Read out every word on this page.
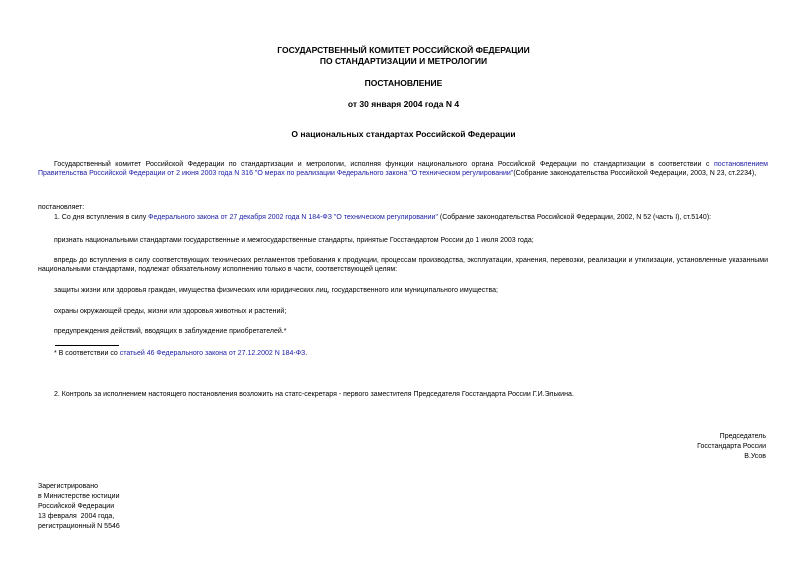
ГОСУДАРСТВЕННЫЙ КОМИТЕТ РОССИЙСКОЙ ФЕДЕРАЦИИ
ПО СТАНДАРТИЗАЦИИ И МЕТРОЛОГИИ
ПОСТАНОВЛЕНИЕ
от 30 января 2004 года N 4
О национальных стандартах Российской Федерации
Государственный комитет Российской Федерации по стандартизации и метрологии, исполняя функции национального органа Российской Федерации по стандартизации в соответствии с постановлением Правительства Российской Федерации от 2 июня 2003 года N 316 "О мерах по реализации Федерального закона "О техническом регулировании"(Собрание законодательства Российской Федерации, 2003, N 23, ст.2234),
постановляет:
1. Со дня вступления в силу Федерального закона от 27 декабря 2002 года N 184-ФЗ "О техническом регулировании" (Собрание законодательства Российской Федерации, 2002, N 52 (часть I), ст.5140):
признать национальными стандартами государственные и межгосударственные стандарты, принятые Госстандартом России до 1 июля 2003 года;
впредь до вступления в силу соответствующих технических регламентов требования к продукции, процессам производства, эксплуатации, хранения, перевозки, реализации и утилизации, установленные указанными национальными стандартами, подлежат обязательному исполнению только в части, соответствующей целям:
защиты жизни или здоровья граждан, имущества физических или юридических лиц, государственного или муниципального имущества;
охраны окружающей среды, жизни или здоровья животных и растений;
предупреждения действий, вводящих в заблуждение приобретателей.*
* В соответствии со статьей 46 Федерального закона от 27.12.2002 N 184-ФЗ.
2. Контроль за исполнением настоящего постановления возложить на статс-секретаря - первого заместителя Председателя Госстандарта России Г.И.Элькина.
Председатель
Госстандарта России
В.Усов
Зарегистрировано
в Министерстве юстиции
Российской Федерации
13 февраля  2004 года,
регистрационный N 5546
